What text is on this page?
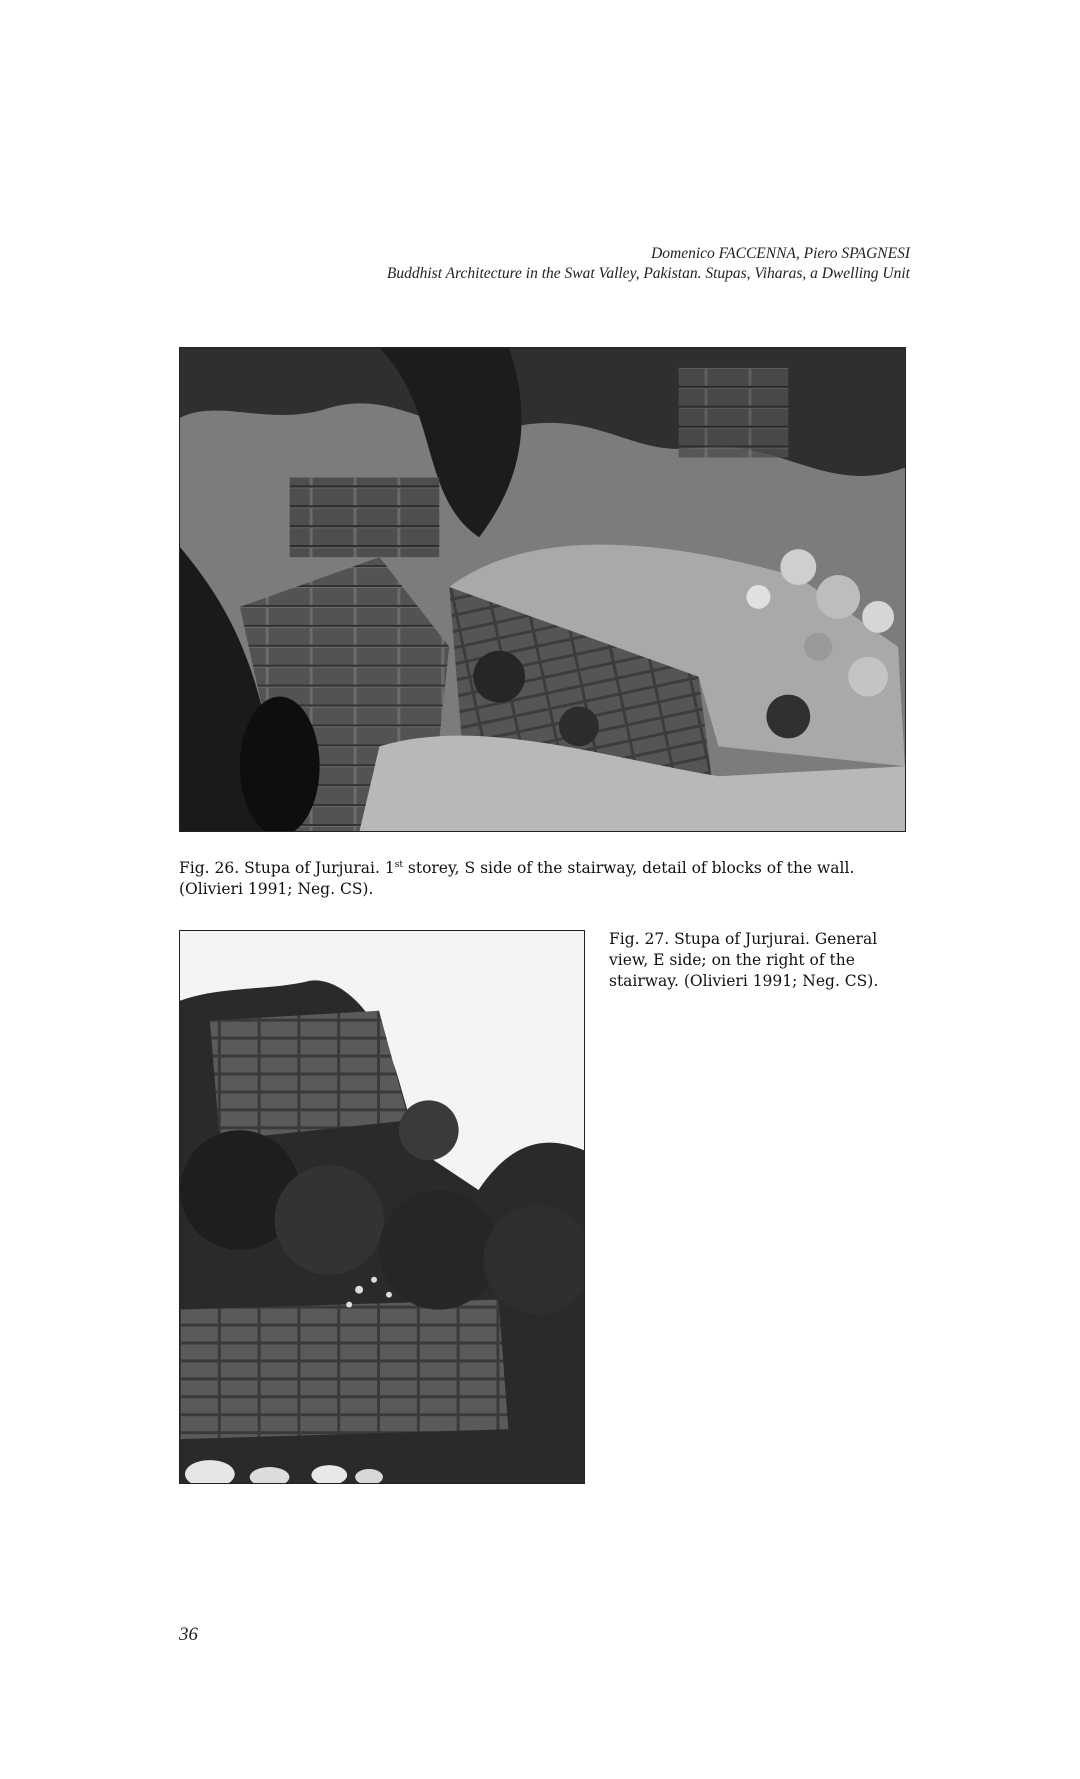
Domenico FACCENNA, Piero SPAGNESI
Buddhist Architecture in the Swat Valley, Pakistan. Stupas, Viharas, a Dwelling Unit
Fig. 26. Stupa of Jurjurai. 1st storey, S side of the stairway, detail of blocks of the wall.
(Olivieri 1991; Neg. CS).
Fig. 27. Stupa of Jurjurai. General
view, E side; on the right of the
stairway. (Olivieri 1991; Neg. CS).
36
